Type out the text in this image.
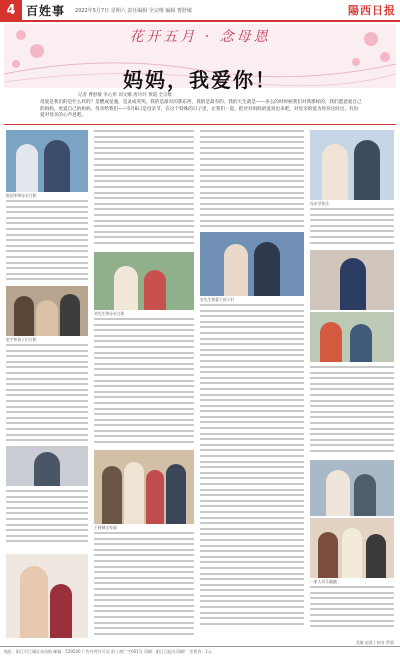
4 百姓事 2022年5月7日 星期六 责任编辑 全宗维 编辑 曹舒敏	陽西日报
花开五月 · 念母恩
妈妈，我爱你！
记者 曹舒敏 李心彤 刘文娜 唐玲玲 黄霞 全宗维
母爱是我们的是什么样的？是燃成星盏，是灵成英奖。我的是最有的那东西，我的是最有的。我的天生就是——多么的时时候我们对我那样的，我们愿意爱自己的妈妈，更爱自己的妈妈，母亲给我们——5月8日是母亲节，在这个特殊的日子里，让我们一起，把对对妈妈的爱说出来吧，对母亲的爱为你你这时这，有份爱对母亲的心声意吧。
陈国华和母亲合影
赵宇和孩子们合影
刘先生和母亲合影
王阿姨全家福
张先生和妻子孩子们
母亲节快乐
一家人其乐融融
美编 赵贤 | 校对 罗丽
地址：阳江市江城区东风路 邮编：529500 广告经营许可证 阳工商广字001号 印刷：阳江日报社印刷厂 零售价：1元
